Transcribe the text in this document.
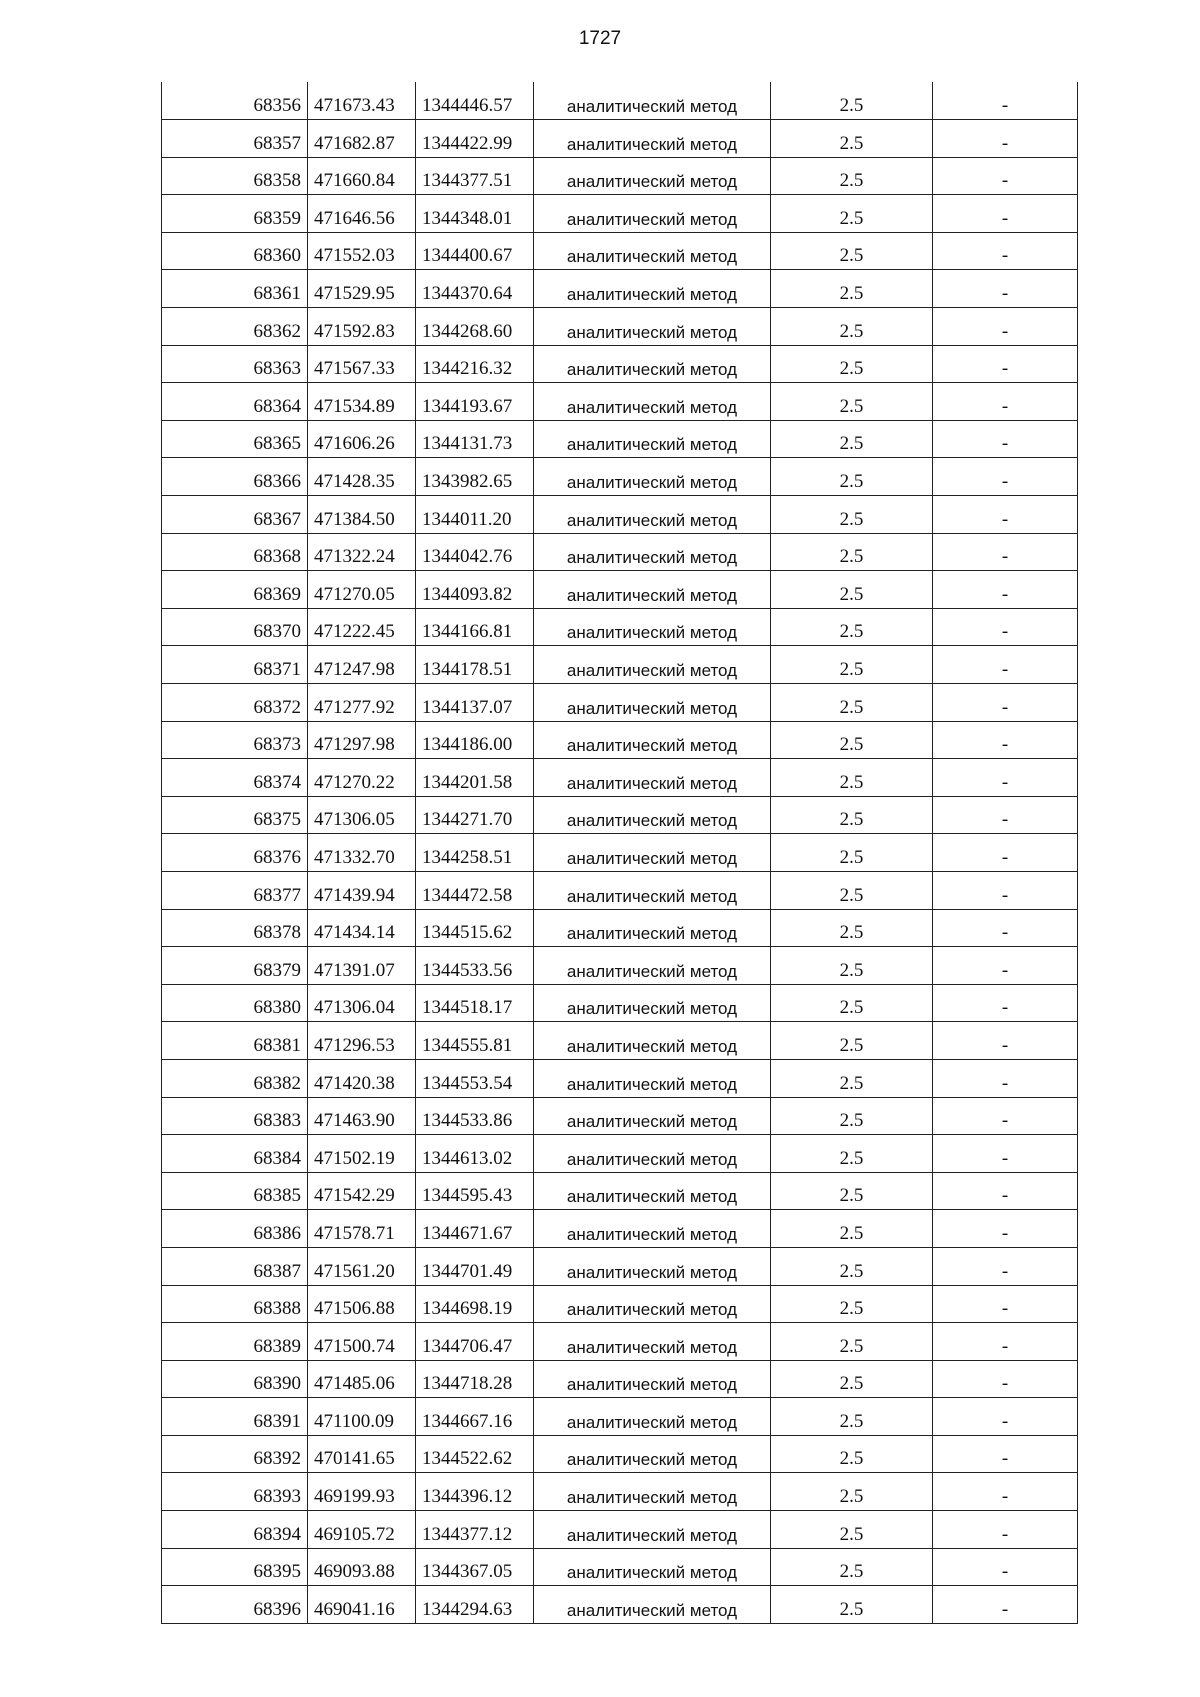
1727
68356	471673.43	1344446.57	аналитический метод	2.5	-
68357	471682.87	1344422.99	аналитический метод	2.5	-
68358	471660.84	1344377.51	аналитический метод	2.5	-
68359	471646.56	1344348.01	аналитический метод	2.5	-
68360	471552.03	1344400.67	аналитический метод	2.5	-
68361	471529.95	1344370.64	аналитический метод	2.5	-
68362	471592.83	1344268.60	аналитический метод	2.5	-
68363	471567.33	1344216.32	аналитический метод	2.5	-
68364	471534.89	1344193.67	аналитический метод	2.5	-
68365	471606.26	1344131.73	аналитический метод	2.5	-
68366	471428.35	1343982.65	аналитический метод	2.5	-
68367	471384.50	1344011.20	аналитический метод	2.5	-
68368	471322.24	1344042.76	аналитический метод	2.5	-
68369	471270.05	1344093.82	аналитический метод	2.5	-
68370	471222.45	1344166.81	аналитический метод	2.5	-
68371	471247.98	1344178.51	аналитический метод	2.5	-
68372	471277.92	1344137.07	аналитический метод	2.5	-
68373	471297.98	1344186.00	аналитический метод	2.5	-
68374	471270.22	1344201.58	аналитический метод	2.5	-
68375	471306.05	1344271.70	аналитический метод	2.5	-
68376	471332.70	1344258.51	аналитический метод	2.5	-
68377	471439.94	1344472.58	аналитический метод	2.5	-
68378	471434.14	1344515.62	аналитический метод	2.5	-
68379	471391.07	1344533.56	аналитический метод	2.5	-
68380	471306.04	1344518.17	аналитический метод	2.5	-
68381	471296.53	1344555.81	аналитический метод	2.5	-
68382	471420.38	1344553.54	аналитический метод	2.5	-
68383	471463.90	1344533.86	аналитический метод	2.5	-
68384	471502.19	1344613.02	аналитический метод	2.5	-
68385	471542.29	1344595.43	аналитический метод	2.5	-
68386	471578.71	1344671.67	аналитический метод	2.5	-
68387	471561.20	1344701.49	аналитический метод	2.5	-
68388	471506.88	1344698.19	аналитический метод	2.5	-
68389	471500.74	1344706.47	аналитический метод	2.5	-
68390	471485.06	1344718.28	аналитический метод	2.5	-
68391	471100.09	1344667.16	аналитический метод	2.5	-
68392	470141.65	1344522.62	аналитический метод	2.5	-
68393	469199.93	1344396.12	аналитический метод	2.5	-
68394	469105.72	1344377.12	аналитический метод	2.5	-
68395	469093.88	1344367.05	аналитический метод	2.5	-
68396	469041.16	1344294.63	аналитический метод	2.5	-
